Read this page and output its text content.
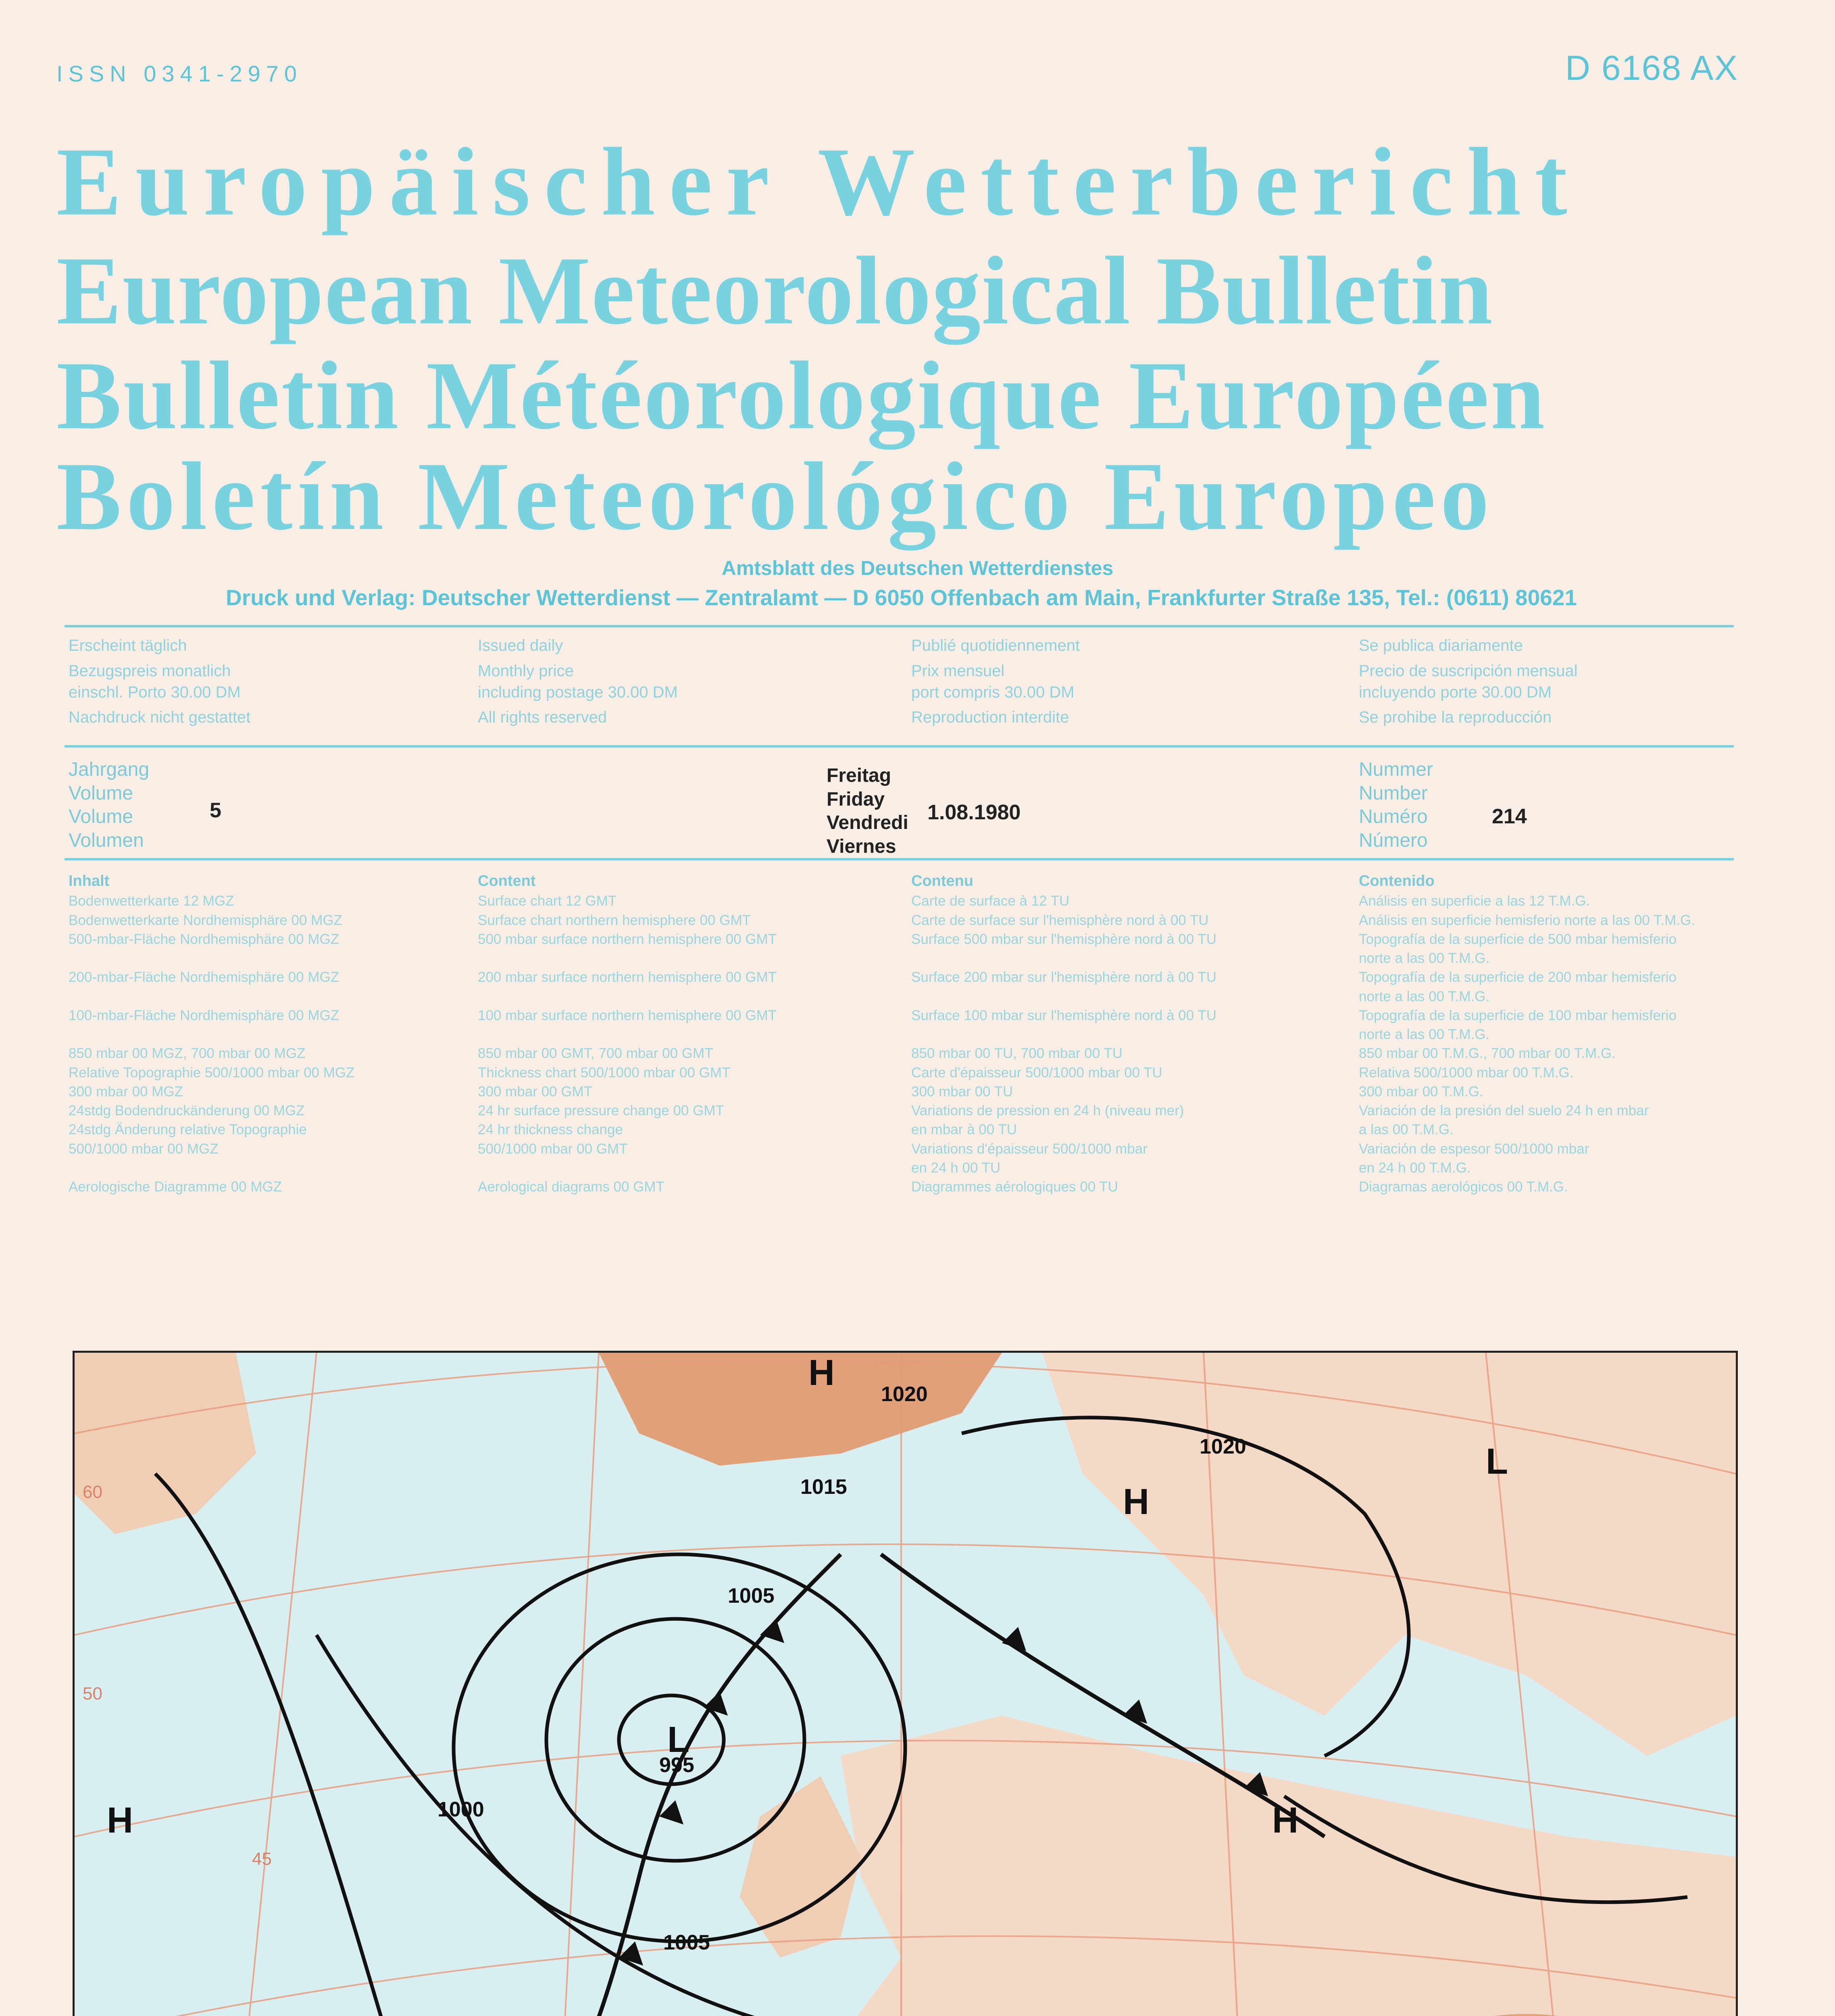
ISSN 0341-2970	D 6168 AX
Europäischer Wetterbericht
European Meteorological Bulletin
Bulletin Météorologique Européen
Boletín Meteorológico Europeo
Amtsblatt des Deutschen Wetterdienstes
Druck und Verlag: Deutscher Wetterdienst — Zentralamt — D 6050 Offenbach am Main, Frankfurter Straße 135, Tel.: (0611) 80621
Erscheint täglich
Bezugspreis monatlich
einschl. Porto 30.00 DM
Nachdruck nicht gestattet
Issued daily
Monthly price
including postage 30.00 DM
All rights reserved
Publié quotidiennement
Prix mensuel
port compris 30.00 DM
Reproduction interdite
Se publica diariamente
Precio de suscripción mensual
incluyendo porte 30.00 DM
Se prohibe la reproducción
Jahrgang
Volume
Volume
Volumen
5
Freitag
Friday
Vendredi
Viernes
1.08.1980
Nummer
Number
Numéro
Número
214
Inhalt
Bodenwetterkarte 12 MGZ
Bodenwetterkarte Nordhemisphäre 00 MGZ
500-mbar-Fläche Nordhemisphäre 00 MGZ

200-mbar-Fläche Nordhemisphäre 00 MGZ

100-mbar-Fläche Nordhemisphäre 00 MGZ

850 mbar 00 MGZ, 700 mbar 00 MGZ
Relative Topographie 500/1000 mbar 00 MGZ
300 mbar 00 MGZ
24stdg Bodendruckänderung 00 MGZ
24stdg Änderung relative Topographie
500/1000 mbar 00 MGZ

Aerologische Diagramme 00 MGZ
Content
Surface chart 12 GMT
Surface chart northern hemisphere 00 GMT
500 mbar surface northern hemisphere 00 GMT

200 mbar surface northern hemisphere 00 GMT

100 mbar surface northern hemisphere 00 GMT

850 mbar 00 GMT, 700 mbar 00 GMT
Thickness chart 500/1000 mbar 00 GMT
300 mbar 00 GMT
24 hr surface pressure change 00 GMT
24 hr thickness change
500/1000 mbar 00 GMT

Aerological diagrams 00 GMT
Contenu
Carte de surface à 12 TU
Carte de surface sur l'hemisphère nord à 00 TU
Surface 500 mbar sur l'hemisphère nord à 00 TU

Surface 200 mbar sur l'hemisphère nord à 00 TU

Surface 100 mbar sur l'hemisphère nord à 00 TU

850 mbar 00 TU, 700 mbar 00 TU
Carte d'épaisseur 500/1000 mbar 00 TU
300 mbar 00 TU
Variations de pression en 24 h (niveau mer)
en mbar à 00 TU
Variations d'épaisseur 500/1000 mbar
en 24 h 00 TU
Diagrammes aérologiques 00 TU
Contenido
Análisis en superficie a las 12 T.M.G.
Análisis en superficie hemisferio norte a las 00 T.M.G.
Topografía de la superficie de 500 mbar hemisferio
norte a las 00 T.M.G.
Topografía de la superficie de 200 mbar hemisferio
norte a las 00 T.M.G.
Topografía de la superficie de 100 mbar hemisferio
norte a las 00 T.M.G.
850 mbar 00 T.M.G., 700 mbar 00 T.M.G.
Relativa 500/1000 mbar 00 T.M.G.
300 mbar 00 T.M.G.
Variación de la presión del suelo 24 h en mbar
a las 00 T.M.G.
Variación de espesor 500/1000 mbar
en 24 h 00 T.M.G.
Diagramas aerológicos 00 T.M.G.
995
1005
1005
1015
1020
1020
1000
H
H
H	H
L
L
60
50
45
